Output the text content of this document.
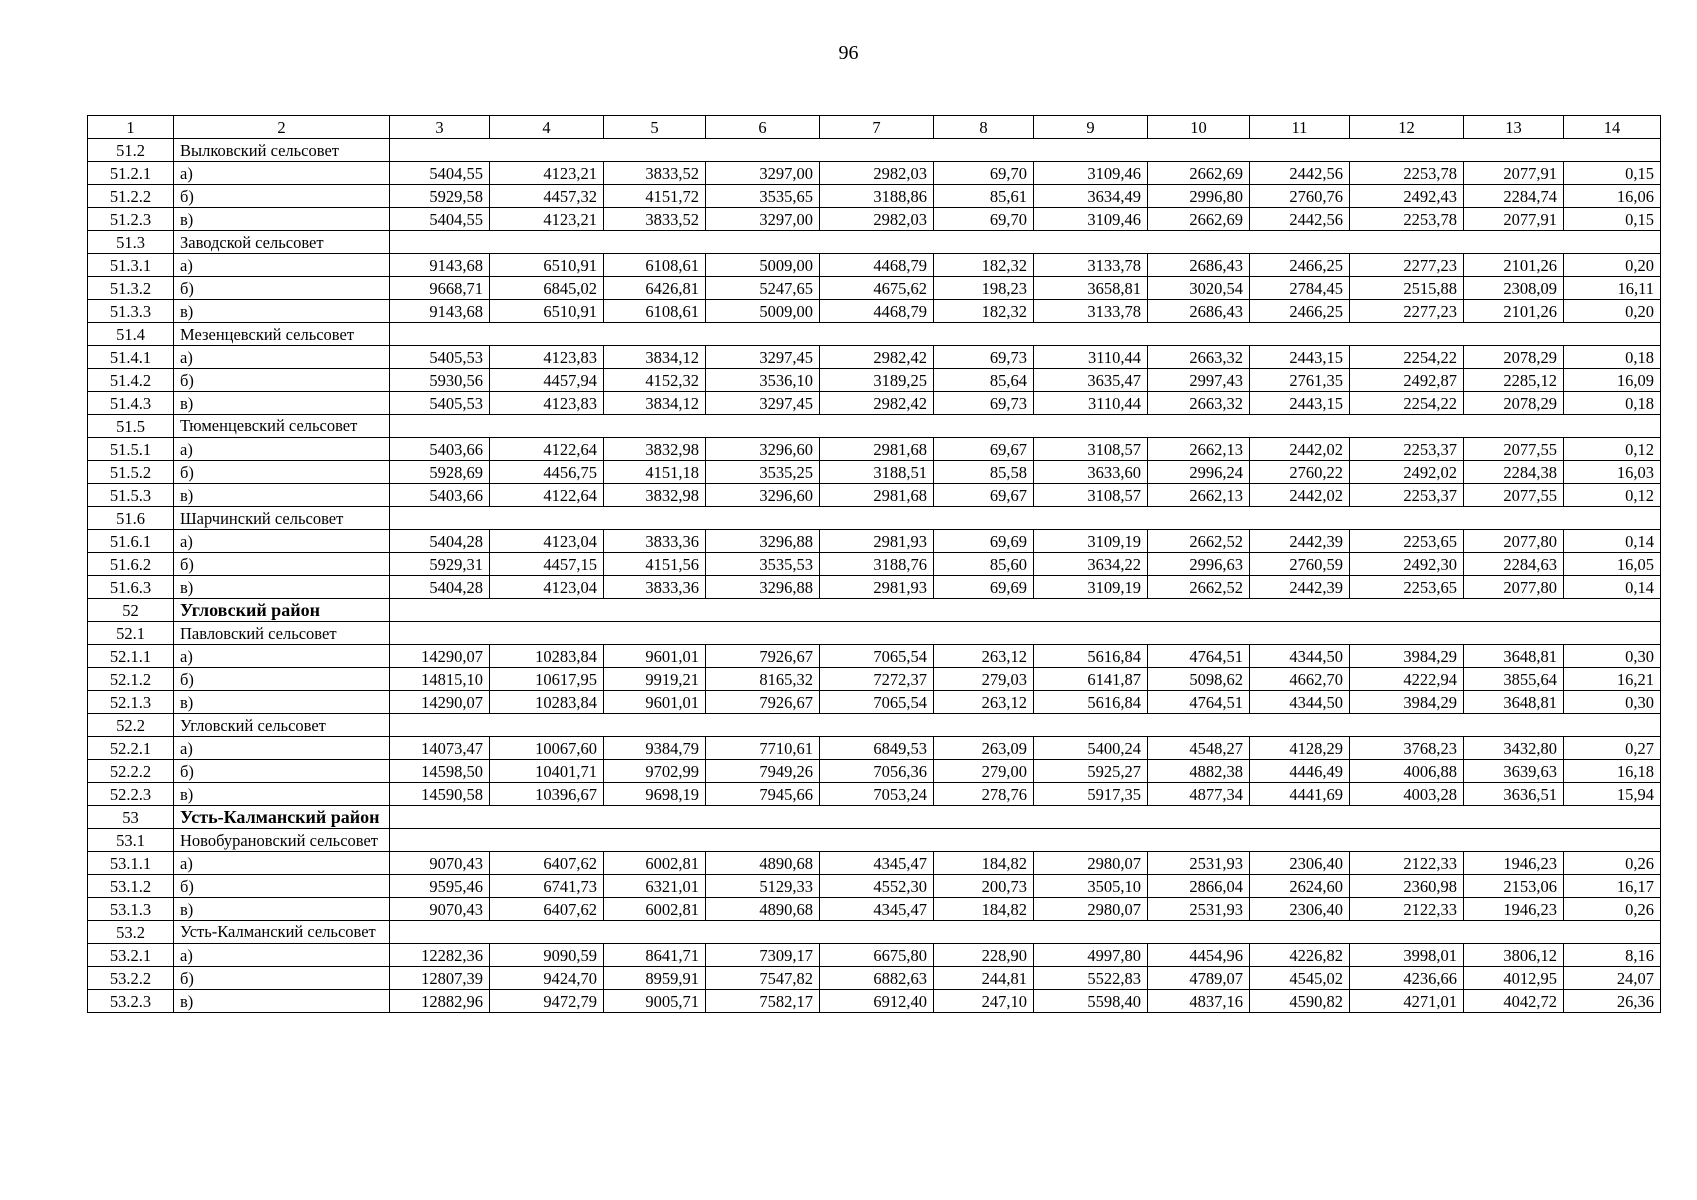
96
1	2	3	4	5	6	7	8	9	10	11	12	13	14
51.2	Вылковский сельсовет												
51.2.1	а)	5404,55	4123,21	3833,52	3297,00	2982,03	69,70	3109,46	2662,69	2442,56	2253,78	2077,91	0,15
51.2.2	б)	5929,58	4457,32	4151,72	3535,65	3188,86	85,61	3634,49	2996,80	2760,76	2492,43	2284,74	16,06
51.2.3	в)	5404,55	4123,21	3833,52	3297,00	2982,03	69,70	3109,46	2662,69	2442,56	2253,78	2077,91	0,15
51.3	Заводской сельсовет												
51.3.1	а)	9143,68	6510,91	6108,61	5009,00	4468,79	182,32	3133,78	2686,43	2466,25	2277,23	2101,26	0,20
51.3.2	б)	9668,71	6845,02	6426,81	5247,65	4675,62	198,23	3658,81	3020,54	2784,45	2515,88	2308,09	16,11
51.3.3	в)	9143,68	6510,91	6108,61	5009,00	4468,79	182,32	3133,78	2686,43	2466,25	2277,23	2101,26	0,20
51.4	Мезенцевский сельсовет												
51.4.1	а)	5405,53	4123,83	3834,12	3297,45	2982,42	69,73	3110,44	2663,32	2443,15	2254,22	2078,29	0,18
51.4.2	б)	5930,56	4457,94	4152,32	3536,10	3189,25	85,64	3635,47	2997,43	2761,35	2492,87	2285,12	16,09
51.4.3	в)	5405,53	4123,83	3834,12	3297,45	2982,42	69,73	3110,44	2663,32	2443,15	2254,22	2078,29	0,18
51.5	Тюменцевский сельсовет												
51.5.1	а)	5403,66	4122,64	3832,98	3296,60	2981,68	69,67	3108,57	2662,13	2442,02	2253,37	2077,55	0,12
51.5.2	б)	5928,69	4456,75	4151,18	3535,25	3188,51	85,58	3633,60	2996,24	2760,22	2492,02	2284,38	16,03
51.5.3	в)	5403,66	4122,64	3832,98	3296,60	2981,68	69,67	3108,57	2662,13	2442,02	2253,37	2077,55	0,12
51.6	Шарчинский сельсовет												
51.6.1	а)	5404,28	4123,04	3833,36	3296,88	2981,93	69,69	3109,19	2662,52	2442,39	2253,65	2077,80	0,14
51.6.2	б)	5929,31	4457,15	4151,56	3535,53	3188,76	85,60	3634,22	2996,63	2760,59	2492,30	2284,63	16,05
51.6.3	в)	5404,28	4123,04	3833,36	3296,88	2981,93	69,69	3109,19	2662,52	2442,39	2253,65	2077,80	0,14
52	Угловский район												
52.1	Павловский сельсовет												
52.1.1	а)	14290,07	10283,84	9601,01	7926,67	7065,54	263,12	5616,84	4764,51	4344,50	3984,29	3648,81	0,30
52.1.2	б)	14815,10	10617,95	9919,21	8165,32	7272,37	279,03	6141,87	5098,62	4662,70	4222,94	3855,64	16,21
52.1.3	в)	14290,07	10283,84	9601,01	7926,67	7065,54	263,12	5616,84	4764,51	4344,50	3984,29	3648,81	0,30
52.2	Угловский сельсовет												
52.2.1	а)	14073,47	10067,60	9384,79	7710,61	6849,53	263,09	5400,24	4548,27	4128,29	3768,23	3432,80	0,27
52.2.2	б)	14598,50	10401,71	9702,99	7949,26	7056,36	279,00	5925,27	4882,38	4446,49	4006,88	3639,63	16,18
52.2.3	в)	14590,58	10396,67	9698,19	7945,66	7053,24	278,76	5917,35	4877,34	4441,69	4003,28	3636,51	15,94
53	Усть-Калманский район												
53.1	Новобурановский сельсовет												
53.1.1	а)	9070,43	6407,62	6002,81	4890,68	4345,47	184,82	2980,07	2531,93	2306,40	2122,33	1946,23	0,26
53.1.2	б)	9595,46	6741,73	6321,01	5129,33	4552,30	200,73	3505,10	2866,04	2624,60	2360,98	2153,06	16,17
53.1.3	в)	9070,43	6407,62	6002,81	4890,68	4345,47	184,82	2980,07	2531,93	2306,40	2122,33	1946,23	0,26
53.2	Усть-Калманский сельсовет												
53.2.1	а)	12282,36	9090,59	8641,71	7309,17	6675,80	228,90	4997,80	4454,96	4226,82	3998,01	3806,12	8,16
53.2.2	б)	12807,39	9424,70	8959,91	7547,82	6882,63	244,81	5522,83	4789,07	4545,02	4236,66	4012,95	24,07
53.2.3	в)	12882,96	9472,79	9005,71	7582,17	6912,40	247,10	5598,40	4837,16	4590,82	4271,01	4042,72	26,36
